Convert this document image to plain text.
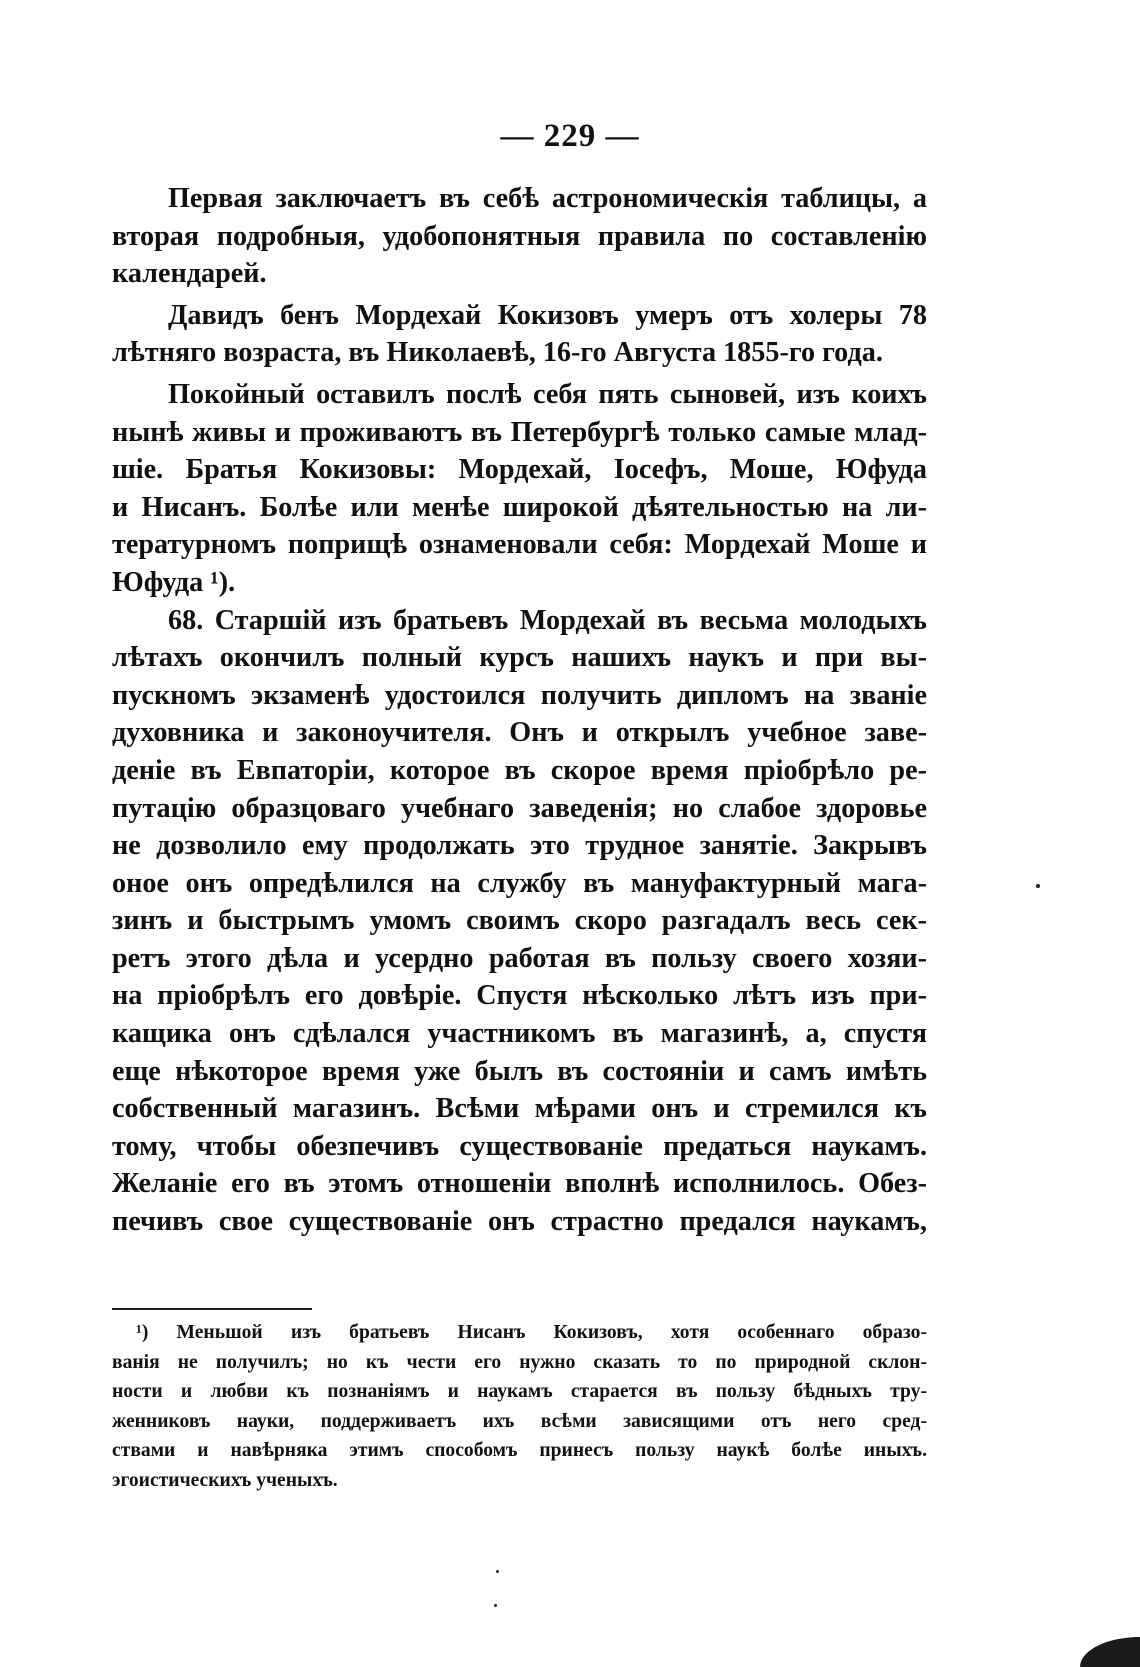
— 229 —
Первая заключаетъ въ себѣ астрономическія таблицы, а
вторая подробныя, удобопонятныя правила по составленію
календарей.
Давидъ бенъ Мордехай Кокизовъ умеръ отъ холеры 78
лѣтняго возраста, въ Николаевѣ, 16-го Августа 1855-го года.
Покойный оставилъ послѣ себя пять сыновей, изъ коихъ
нынѣ живы и проживаютъ въ Петербургѣ только самые млад-
шіе. Братья Кокизовы: Мордехай, Іосефъ, Моше, Юфуда
и Нисанъ. Болѣе или менѣе широкой дѣятельностью на ли-
тературномъ поприщѣ ознаменовали себя: Мордехай Моше и
Юфуда ¹).
68. Старшій изъ братьевъ Мордехай въ весьма молодыхъ
лѣтахъ окончилъ полный курсъ нашихъ наукъ и при вы-
пускномъ экзаменѣ удостоился получить дипломъ на званіе
духовника и законоучителя. Онъ и открылъ учебное заве-
деніе въ Евпаторіи, которое въ скорое время пріобрѣло ре-
путацію образцоваго учебнаго заведенія; но слабое здоровье
не дозволило ему продолжать это трудное занятіе. Закрывъ
оное онъ опредѣлился на службу въ мануфактурный мага-
зинъ и быстрымъ умомъ своимъ скоро разгадалъ весь сек-
ретъ этого дѣла и усердно работая въ пользу своего хозяи-
на пріобрѣлъ его довѣріе. Спустя нѣсколько лѣтъ изъ при-
кащика онъ сдѣлался участникомъ въ магазинѣ, а, спустя
еще нѣкоторое время уже былъ въ состояніи и самъ имѣть
собственный магазинъ. Всѣми мѣрами онъ и стремился къ
тому, чтобы обезпечивъ существованіе предаться наукамъ.
Желаніе его въ этомъ отношеніи вполнѣ исполнилось. Обез-
печивъ свое существованіе онъ страстно предался наукамъ,
¹) Меньшой изъ братьевъ Нисанъ Кокизовъ, хотя особеннаго образо-
ванія не получилъ; но къ чести его нужно сказать то по природной склон-
ности и любви къ познаніямъ и наукамъ старается въ пользу бѣдныхъ тру-
женниковъ науки, поддерживаетъ ихъ всѣми зависящими отъ него сред-
ствами и навѣрняка этимъ способомъ принесъ пользу наукѣ болѣе иныхъ.
эгоистическихъ ученыхъ.
